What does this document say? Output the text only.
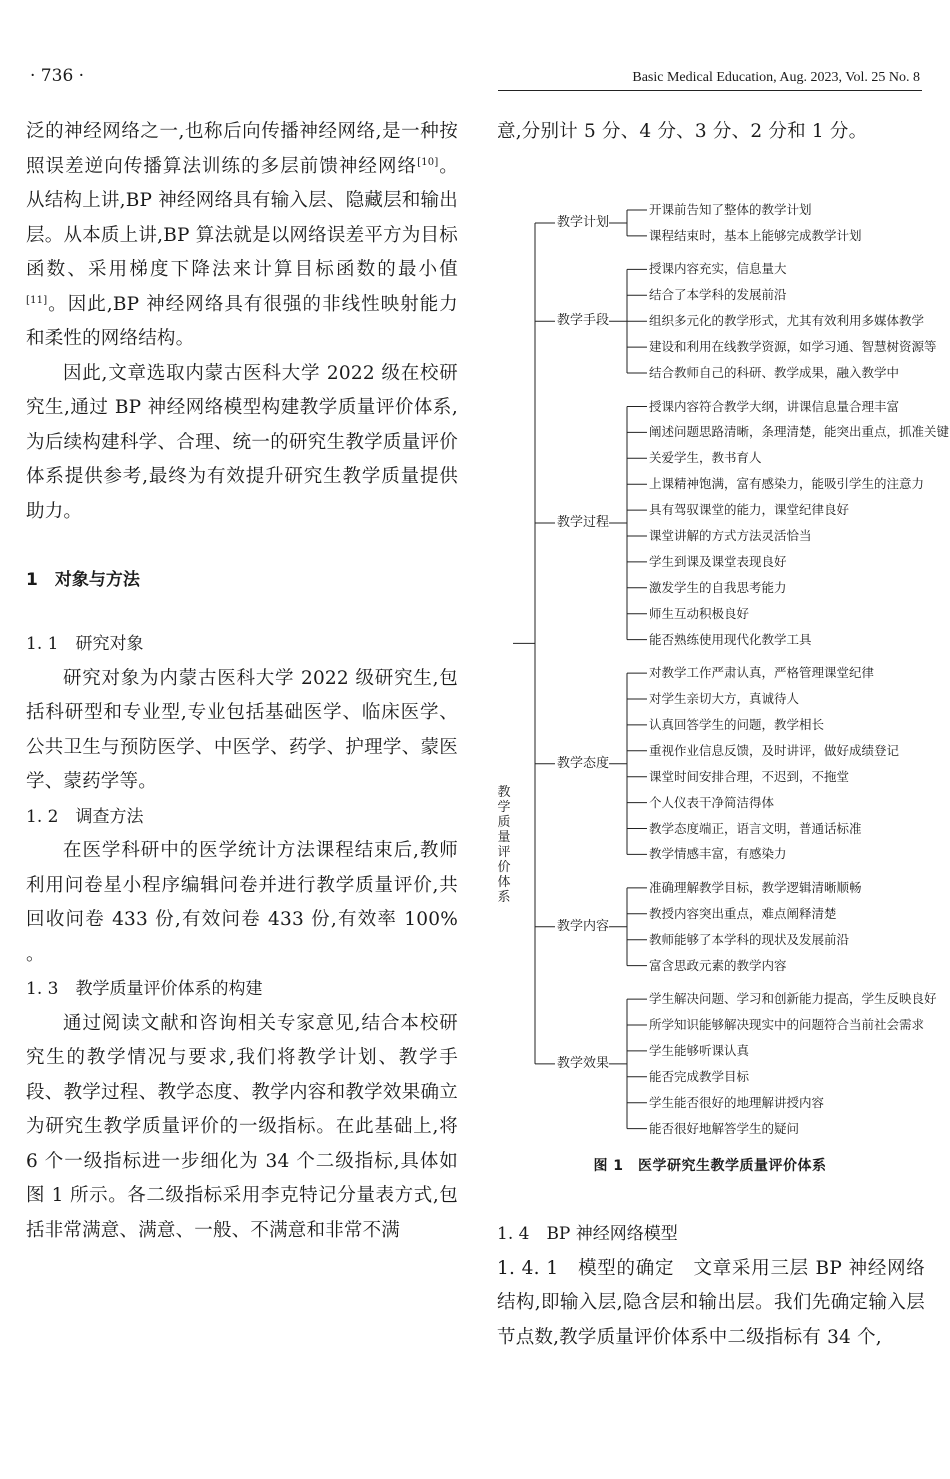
· 736 ·	Basic Medical Education, Aug. 2023, Vol. 25 No. 8

泛的神经网络之一,也称后向传播神经网络,是一种按照误差逆向传播算法训练的多层前馈神经网络[10]。从结构上讲,BP 神经网络具有输入层、隐藏层和输出层。从本质上讲,BP 算法就是以网络误差平方为目标函数、采用梯度下降法来计算目标函数的最小值[11]。因此,BP 神经网络具有很强的非线性映射能力和柔性的网络结构。

因此,文章选取内蒙古医科大学 2022 级在校研究生,通过 BP 神经网络模型构建教学质量评价体系,为后续构建科学、合理、统一的研究生教学质量评价体系提供参考,最终为有效提升研究生教学质量提供助力。

1　对象与方法

1. 1　研究对象

研究对象为内蒙古医科大学 2022 级研究生,包括科研型和专业型,专业包括基础医学、临床医学、公共卫生与预防医学、中医学、药学、护理学、蒙医学、蒙药学等。

1. 2　调查方法

在医学科研中的医学统计方法课程结束后,教师利用问卷星小程序编辑问卷并进行教学质量评价,共回收问卷 433 份,有效问卷 433 份,有效率 100% 。

1. 3　教学质量评价体系的构建

通过阅读文献和咨询相关专家意见,结合本校研究生的教学情况与要求,我们将教学计划、教学手段、教学过程、教学态度、教学内容和教学效果确立为研究生教学质量评价的一级指标。在此基础上,将 6 个一级指标进一步细化为 34 个二级指标,具体如图 1 所示。各二级指标采用李克特记分量表方式,包括非常满意、满意、一般、不满意和非常不满

意,分别计 5 分、4 分、3 分、2 分和 1 分。

教学质量评价体系
开课前告知了整体的教学计划
课程结束时，基本上能够完成教学计划
教学计划
授课内容充实，信息量大
结合了本学科的发展前沿
组织多元化的教学形式，尤其有效利用多媒体教学
建设和利用在线教学资源，如学习通、智慧树资源等
结合教师自己的科研、教学成果，融入教学中
教学手段
授课内容符合教学大纲，讲课信息量合理丰富
阐述问题思路清晰，条理清楚，能突出重点，抓准关键
关爱学生，教书育人
上课精神饱满，富有感染力，能吸引学生的注意力
具有驾驭课堂的能力，课堂纪律良好
课堂讲解的方式方法灵活恰当
学生到课及课堂表现良好
激发学生的自我思考能力
师生互动积极良好
能否熟练使用现代化教学工具
教学过程
对教学工作严肃认真，严格管理课堂纪律
对学生亲切大方，真诚待人
认真回答学生的问题，教学相长
重视作业信息反馈，及时讲评，做好成绩登记
课堂时间安排合理，不迟到，不拖堂
个人仪表干净简洁得体
教学态度端正，语言文明，普通话标准
教学情感丰富，有感染力
教学态度
准确理解教学目标，教学逻辑清晰顺畅
教授内容突出重点，难点阐释清楚
教师能够了本学科的现状及发展前沿
富含思政元素的教学内容
教学内容
学生解决问题、学习和创新能力提高，学生反映良好
所学知识能够解决现实中的问题符合当前社会需求
学生能够听课认真
能否完成教学目标
学生能否很好的地理解讲授内容
能否很好地解答学生的疑问
教学效果
图 1　医学研究生教学质量评价体系

1. 4　BP 神经网络模型

1. 4. 1　模型的确定　文章采用三层 BP 神经网络结构,即输入层,隐含层和输出层。我们先确定输入层节点数,教学质量评价体系中二级指标有 34 个,
